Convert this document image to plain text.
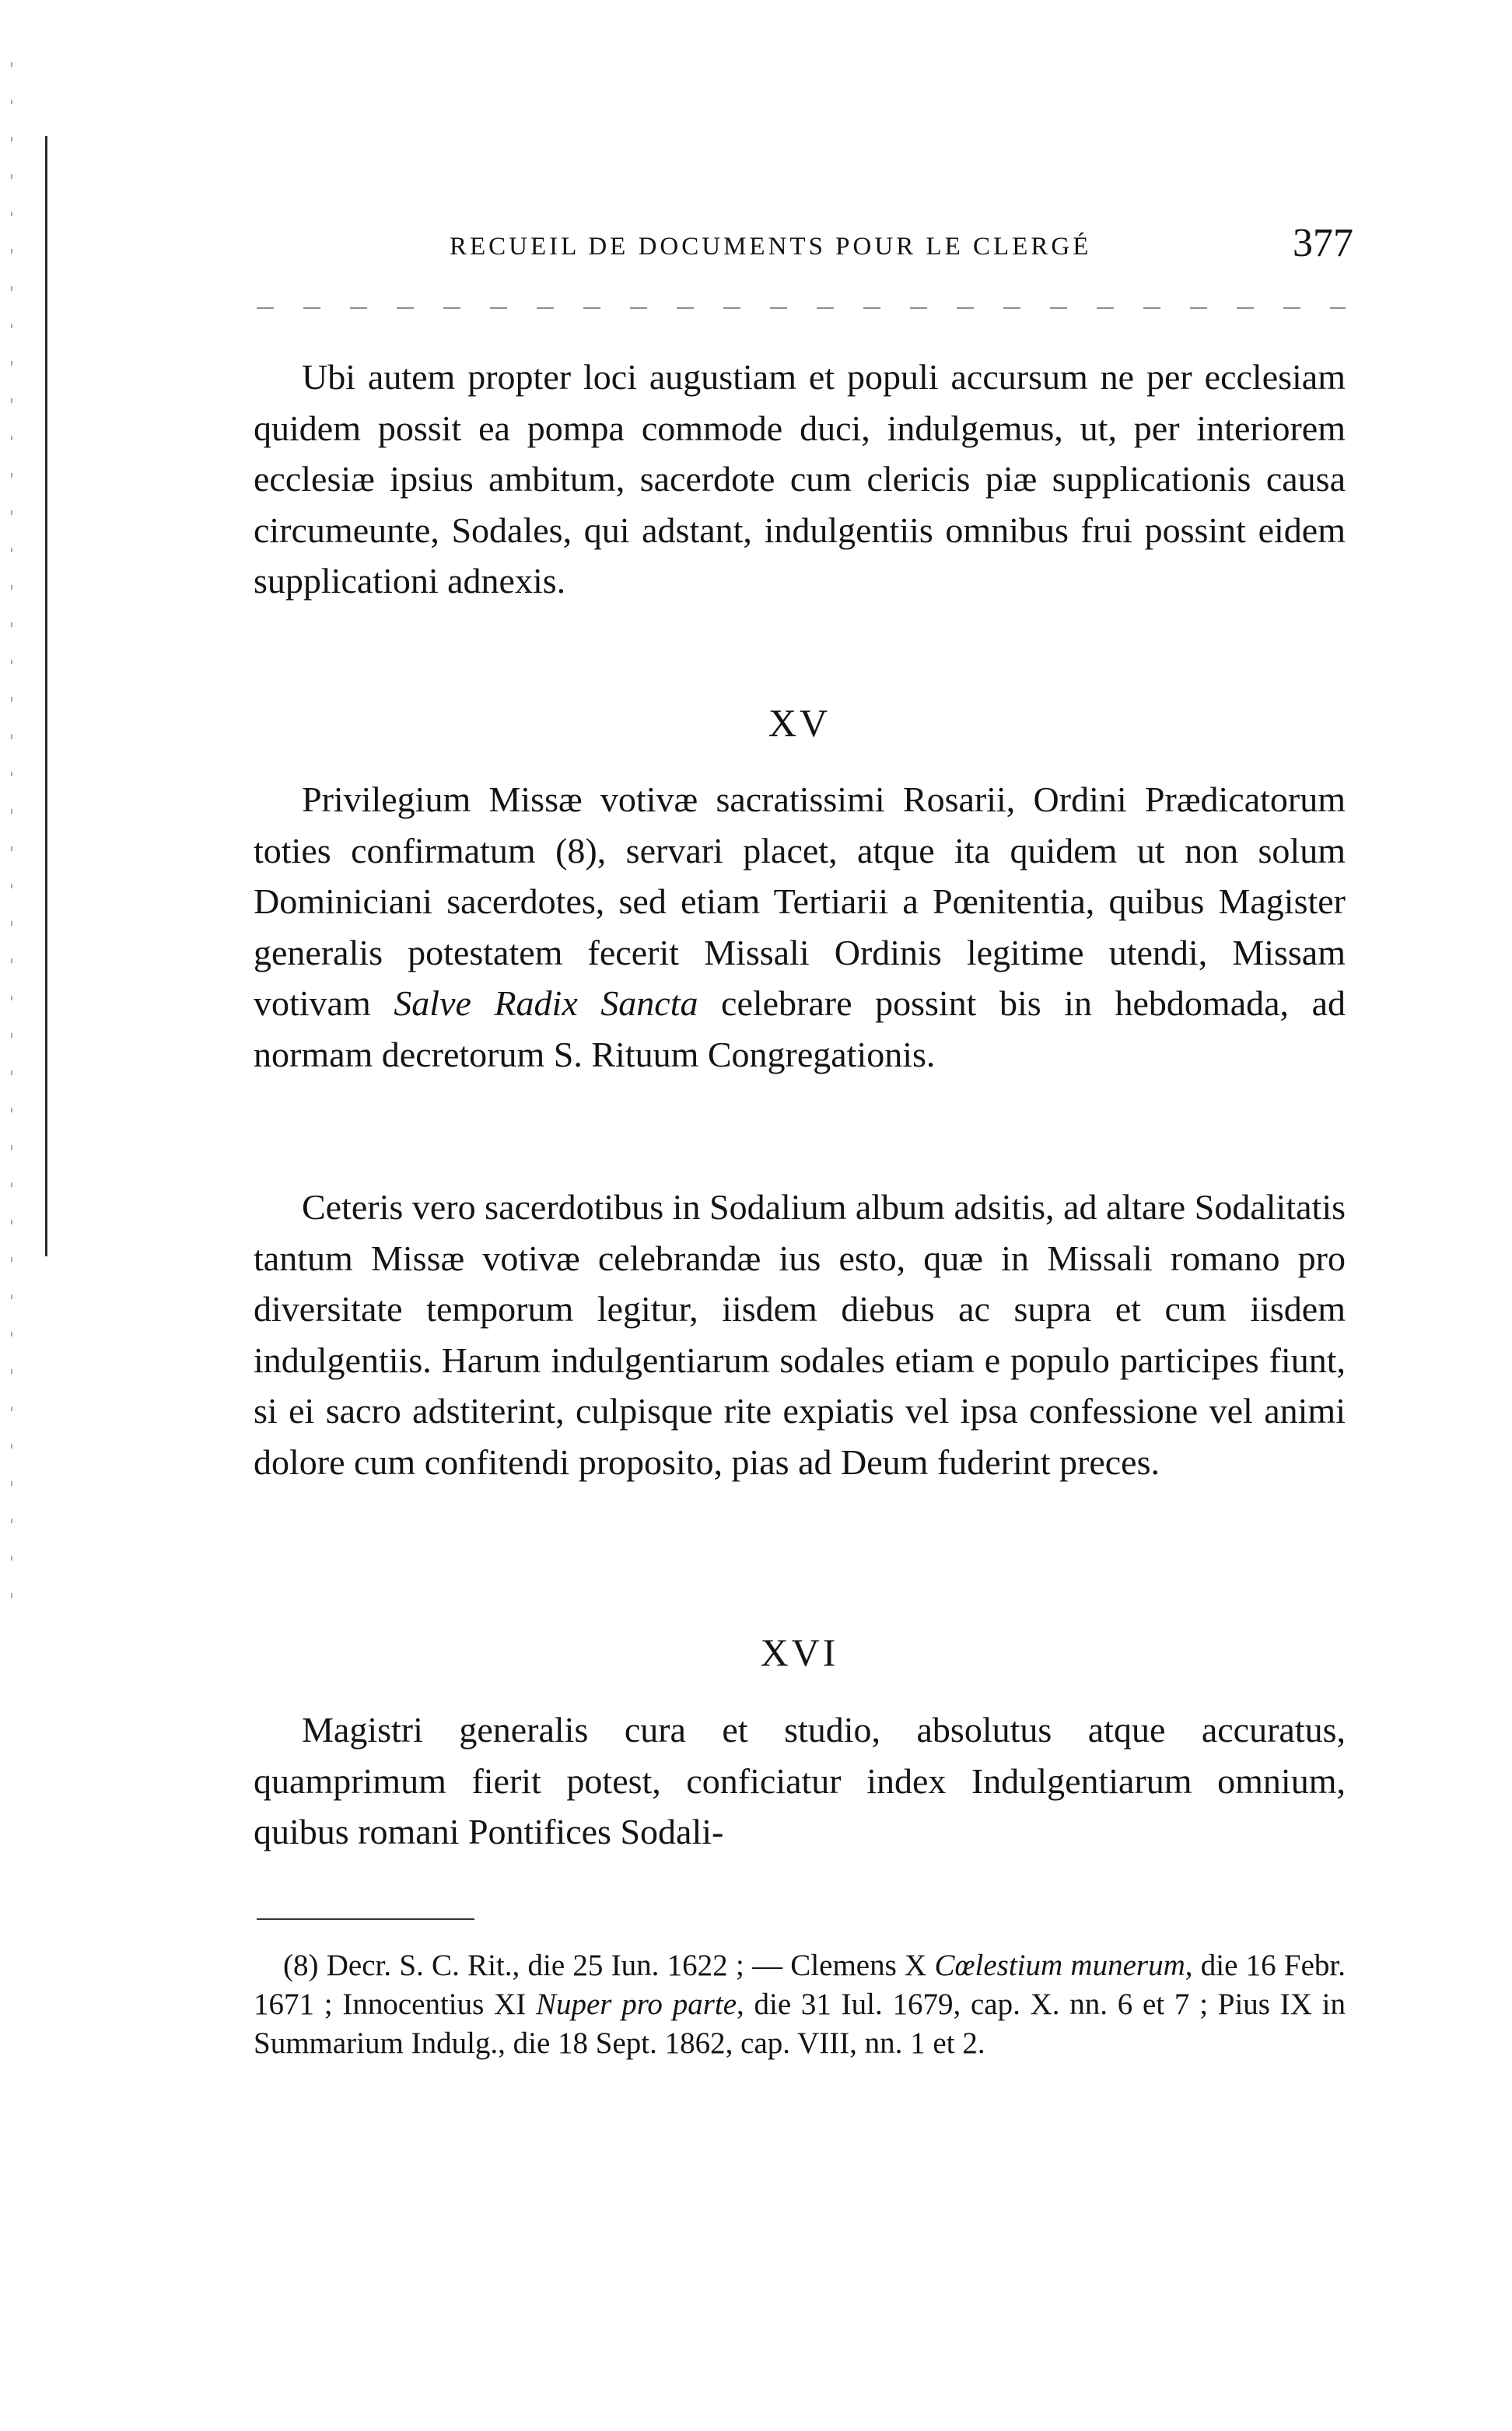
RECUEIL DE DOCUMENTS POUR LE CLERGÉ	377

Ubi autem propter loci augustiam et populi accursum ne per ecclesiam quidem possit ea pompa commode duci, indulgemus, ut, per interiorem ecclesiæ ipsius ambitum, sacerdote cum clericis piæ supplicationis causa circumeunte, Sodales, qui adstant, indulgentiis omnibus frui possint eidem supplicationi adnexis.

XV

Privilegium Missæ votivæ sacratissimi Rosarii, Ordini Prædicatorum toties confirmatum (8), servari placet, atque ita quidem ut non solum Dominiciani sacerdotes, sed etiam Tertiarii a Pœnitentia, quibus Magister generalis potestatem fecerit Missali Ordinis legitime utendi, Missam votivam Salve Radix Sancta celebrare possint bis in hebdomada, ad normam decretorum S. Rituum Congregationis.

Ceteris vero sacerdotibus in Sodalium album adsitis, ad altare Sodalitatis tantum Missæ votivæ celebrandæ ius esto, quæ in Missali romano pro diversitate temporum legitur, iisdem diebus ac supra et cum iisdem indulgentiis. Harum indulgentiarum sodales etiam e populo participes fiunt, si ei sacro adstiterint, culpisque rite expiatis vel ipsa confessione vel animi dolore cum confitendi proposito, pias ad Deum fuderint preces.

XVI

Magistri generalis cura et studio, absolutus atque accuratus, quamprimum fierit potest, conficiatur index Indulgentiarum omnium, quibus romani Pontifices Sodali-

(8) Decr. S. C. Rit., die 25 Iun. 1622 ; — Clemens X Cœlestium munerum, die 16 Febr. 1671 ; Innocentius XI Nuper pro parte, die 31 Iul. 1679, cap. X. nn. 6 et 7 ; Pius IX in Summarium Indulg., die 18 Sept. 1862, cap. VIII, nn. 1 et 2.
